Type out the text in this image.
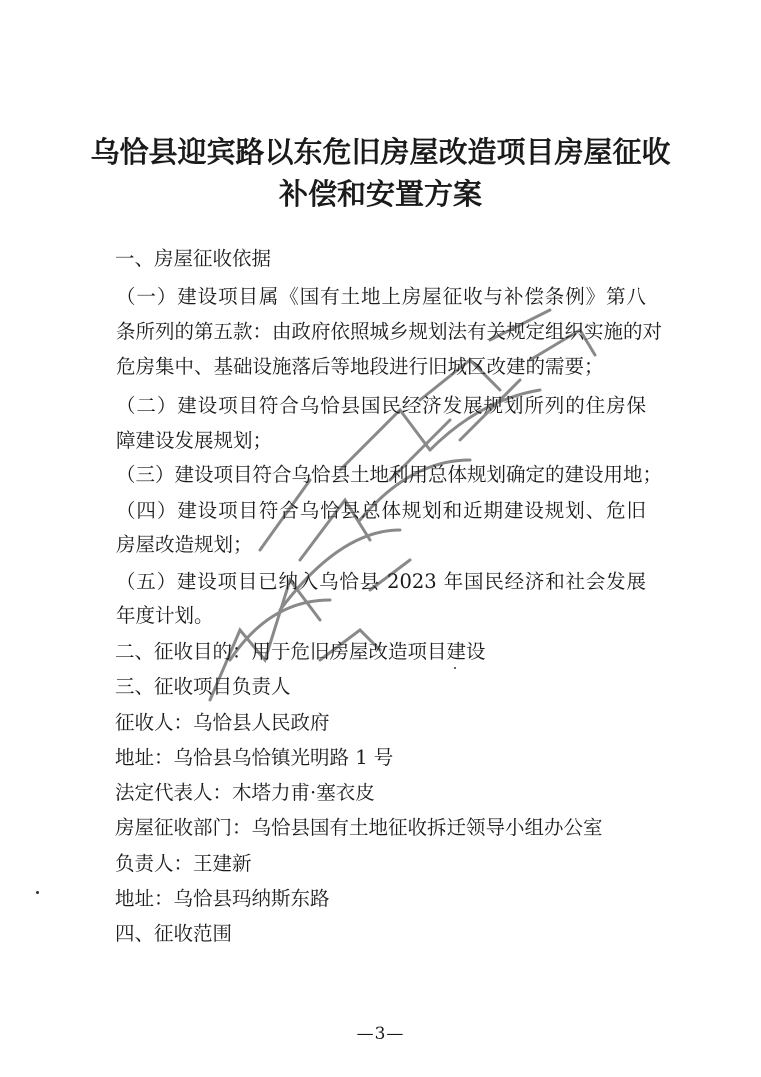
乌恰县迎宾路以东危旧房屋改造项目房屋征收
补偿和安置方案
一、房屋征收依据
（一）建设项目属《国有土地上房屋征收与补偿条例》第八
条所列的第五款：由政府依照城乡规划法有关规定组织实施的对
危房集中、基础设施落后等地段进行旧城区改建的需要；
（二）建设项目符合乌恰县国民经济发展规划所列的住房保
障建设发展规划；
（三）建设项目符合乌恰县土地利用总体规划确定的建设用地；
（四）建设项目符合乌恰县总体规划和近期建设规划、危旧
房屋改造规划；
（五）建设项目已纳入乌恰县 2023 年国民经济和社会发展
年度计划。
二、征收目的：用于危旧房屋改造项目建设
三、征收项目负责人
征收人：乌恰县人民政府
地址：乌恰县乌恰镇光明路 1 号
法定代表人：木塔力甫·塞衣皮
房屋征收部门：乌恰县国有土地征收拆迁领导小组办公室
负责人：王建新
地址：乌恰县玛纳斯东路
四、征收范围
—3—
